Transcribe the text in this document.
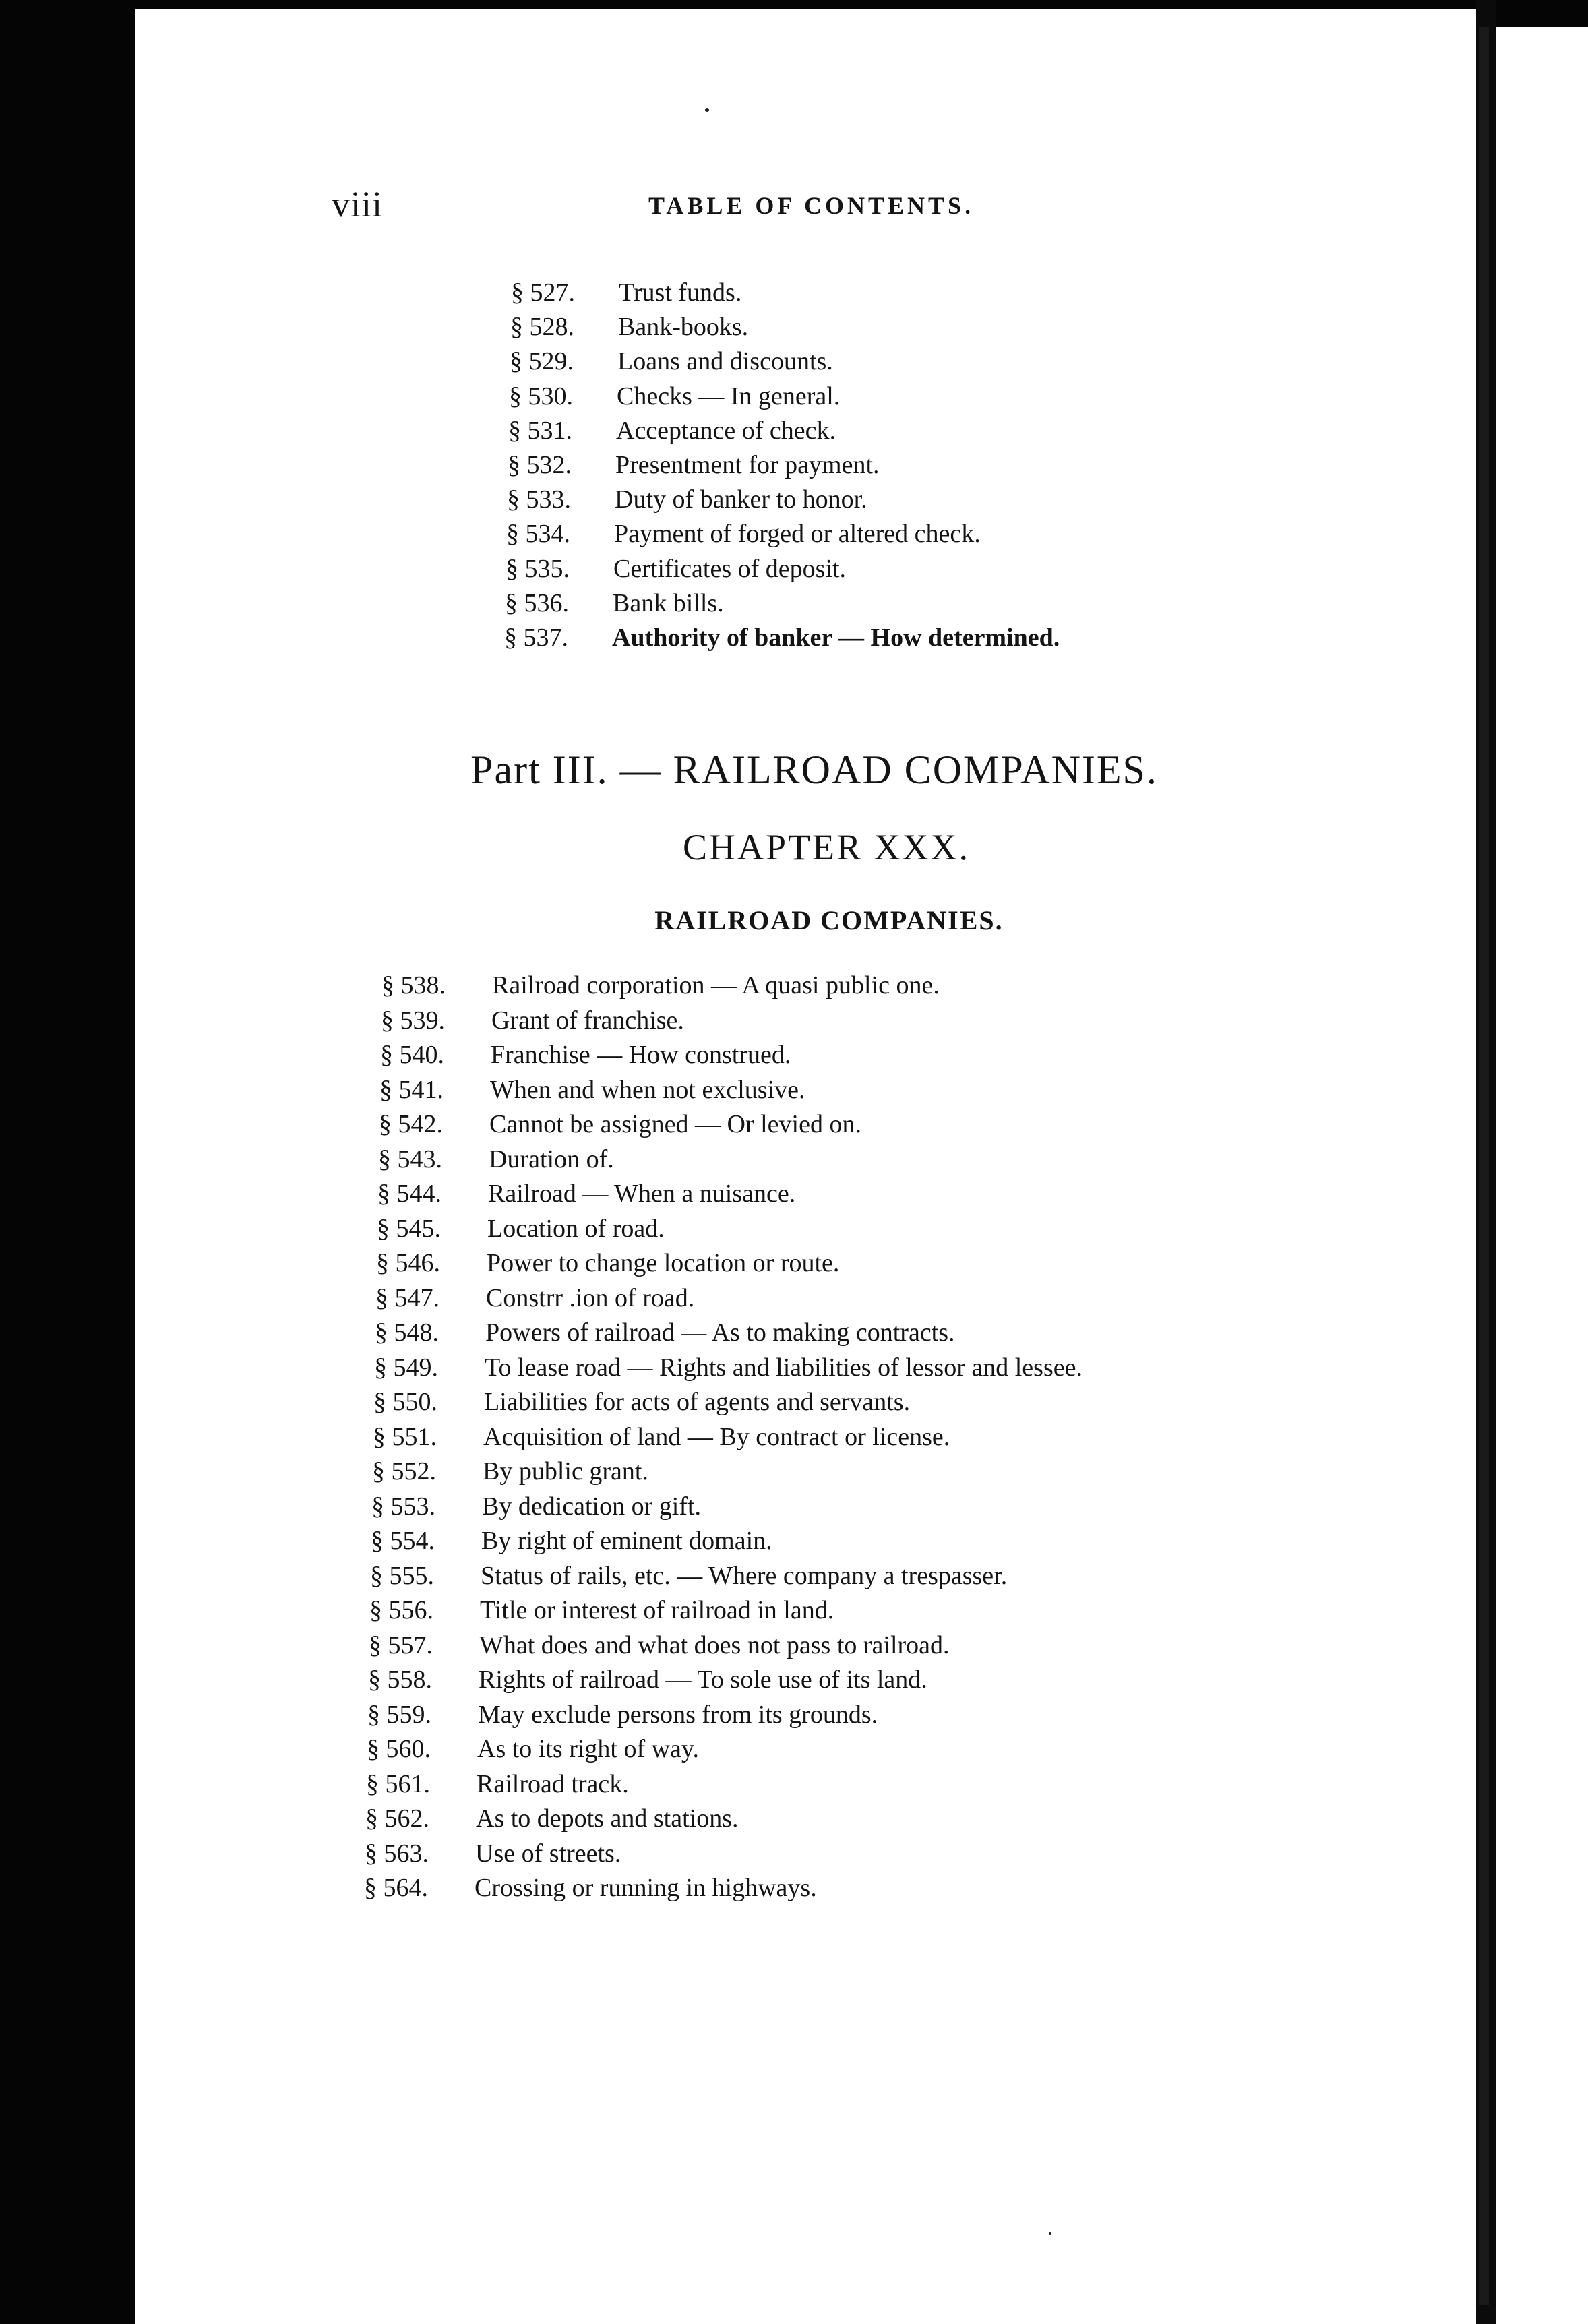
viii	TABLE OF CONTENTS.
§ 527. Trust funds.
§ 528. Bank-books.
§ 529. Loans and discounts.
§ 530. Checks — In general.
§ 531. Acceptance of check.
§ 532. Presentment for payment.
§ 533. Duty of banker to honor.
§ 534. Payment of forged or altered check.
§ 535. Certificates of deposit.
§ 536. Bank bills.
§ 537. Authority of banker — How determined.
Part III. — RAILROAD COMPANIES.
CHAPTER XXX.
RAILROAD COMPANIES.
§ 538. Railroad corporation — A quasi public one.
§ 539. Grant of franchise.
§ 540. Franchise — How construed.
§ 541. When and when not exclusive.
§ 542. Cannot be assigned — Or levied on.
§ 543. Duration of.
§ 544. Railroad — When a nuisance.
§ 545. Location of road.
§ 546. Power to change location or route.
§ 547. Constrr .ion of road.
§ 548. Powers of railroad — As to making contracts.
§ 549. To lease road — Rights and liabilities of lessor and lessee.
§ 550. Liabilities for acts of agents and servants.
§ 551. Acquisition of land — By contract or license.
§ 552. By public grant.
§ 553. By dedication or gift.
§ 554. By right of eminent domain.
§ 555. Status of rails, etc. — Where company a trespasser.
§ 556. Title or interest of railroad in land.
§ 557. What does and what does not pass to railroad.
§ 558. Rights of railroad — To sole use of its land.
§ 559. May exclude persons from its grounds.
§ 560. As to its right of way.
§ 561. Railroad track.
§ 562. As to depots and stations.
§ 563. Use of streets.
§ 564. Crossing or running in highways.
